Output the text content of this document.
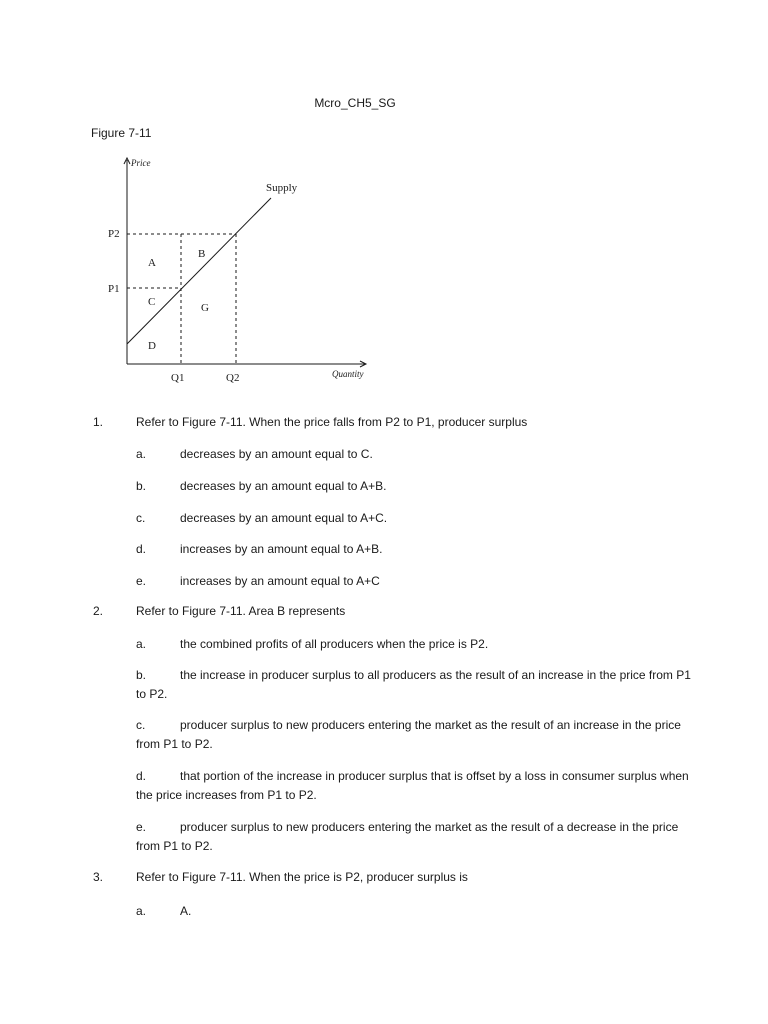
Mcro_CH5_SG
Figure 7-11
Price
Quantity
Supply
P2
P1
Q1	Q2
A
B
C	G
D
1.	Refer to Figure 7-11. When the price falls from P2 to P1, producer surplus
a.	decreases by an amount equal to C.
b.	decreases by an amount equal to A+B.
c.	decreases by an amount equal to A+C.
d.	increases by an amount equal to A+B.
e.	increases by an amount equal to A+C
2.	Refer to Figure 7-11. Area B represents
a.	the combined profits of all producers when the price is P2.
b.	the increase in producer surplus to all producers as the result of an increase in the price from P1 to P2.
c.	producer surplus to new producers entering the market as the result of an increase in the price from P1 to P2.
d.	that portion of the increase in producer surplus that is offset by a loss in consumer surplus when the price increases from P1 to P2.
e.	producer surplus to new producers entering the market as the result of a decrease in the price from P1 to P2.
3.	Refer to Figure 7-11. When the price is P2, producer surplus is
a.	A.
